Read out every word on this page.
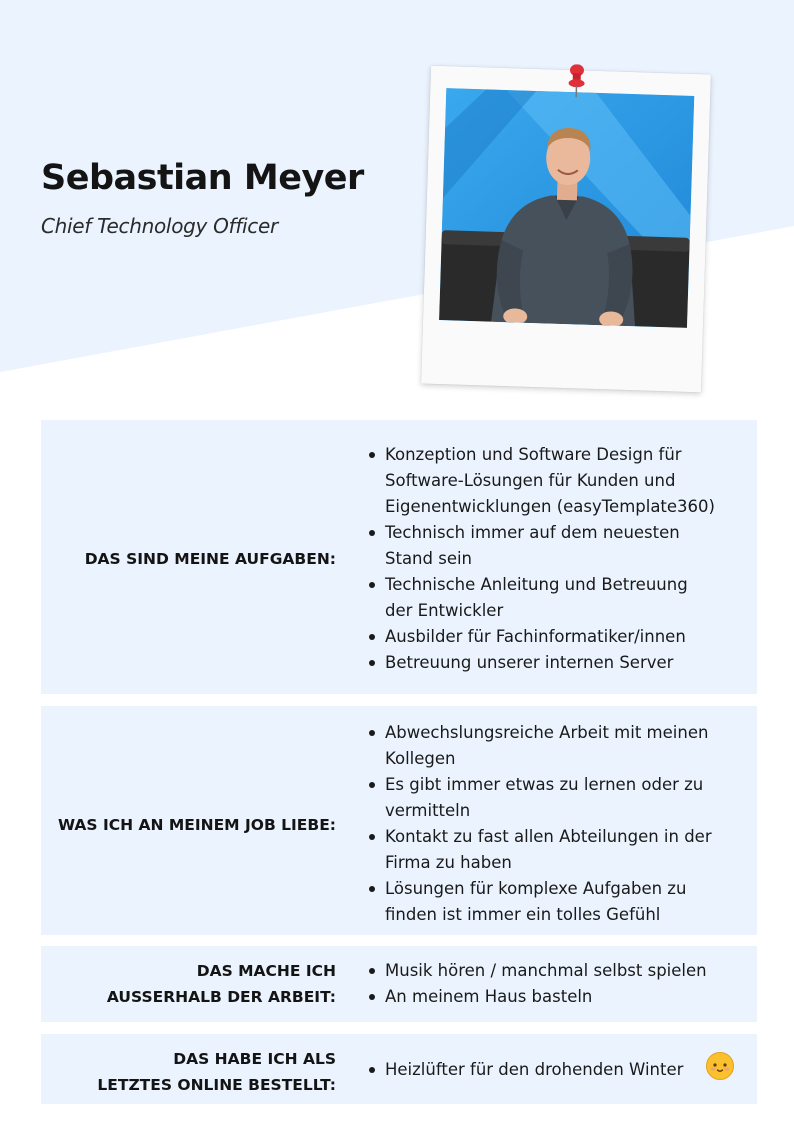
Sebastian Meyer
Chief Technology Officer
DAS SIND MEINE AUFGABEN:
Konzeption und Software Design für Software-Lösungen für Kunden und Eigenentwicklungen (easyTemplate360)
Technisch immer auf dem neuesten Stand sein
Technische Anleitung und Betreuung der Entwickler
Ausbilder für Fachinformatiker/innen
Betreuung unserer internen Server
WAS ICH AN MEINEM JOB LIEBE:
Abwechslungsreiche Arbeit mit meinen Kollegen
Es gibt immer etwas zu lernen oder zu vermitteln
Kontakt zu fast allen Abteilungen in der Firma zu haben
Lösungen für komplexe Aufgaben zu finden ist immer ein tolles Gefühl
DAS MACHE ICH AUSSERHALB DER ARBEIT:
Musik hören / manchmal selbst spielen
An meinem Haus basteln
DAS HABE ICH ALS LETZTES ONLINE BESTELLT:
Heizlüfter für den drohenden Winter
